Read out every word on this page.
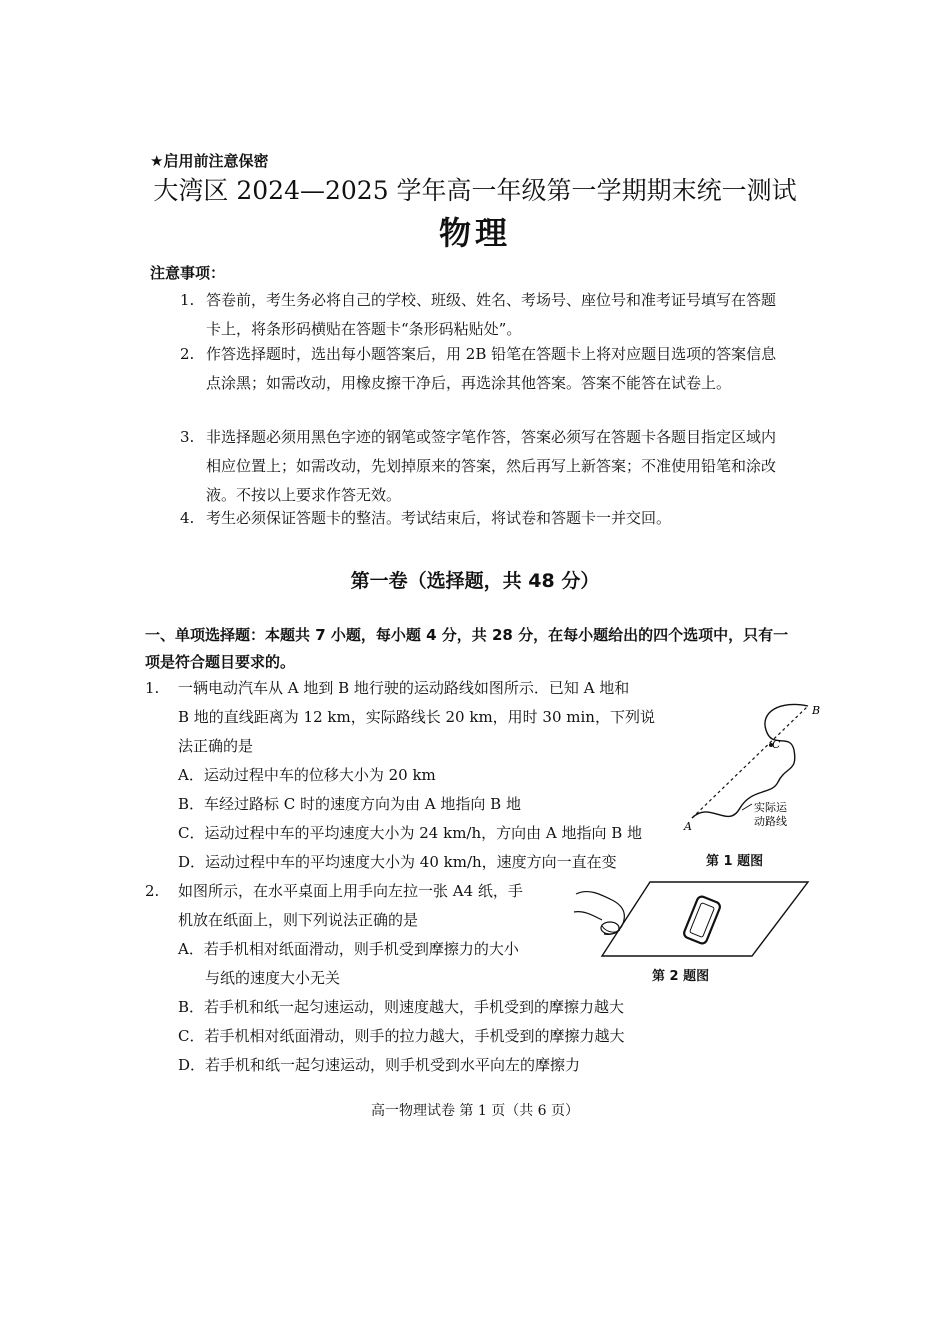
★启用前注意保密
大湾区 2024—2025 学年高一年级第一学期期末统一测试
物理
注意事项：
1. 答卷前，考生务必将自己的学校、班级、姓名、考场号、座位号和准考证号填写在答题卡上，将条形码横贴在答题卡“条形码粘贴处”。
2. 作答选择题时，选出每小题答案后，用 2B 铅笔在答题卡上将对应题目选项的答案信息点涂黑；如需改动，用橡皮擦干净后，再选涂其他答案。答案不能答在试卷上。
3. 非选择题必须用黑色字迹的钢笔或签字笔作答，答案必须写在答题卡各题目指定区域内相应位置上；如需改动，先划掉原来的答案，然后再写上新答案；不准使用铅笔和涂改液。不按以上要求作答无效。
4. 考生必须保证答题卡的整洁。考试结束后，将试卷和答题卡一并交回。
第一卷（选择题，共 48 分）
一、单项选择题：本题共 7 小题，每小题 4 分，共 28 分，在每小题给出的四个选项中，只有一项是符合题目要求的。
1. 一辆电动汽车从 A 地到 B 地行驶的运动路线如图所示．已知 A 地和
B 地的直线距离为 12 km，实际路线长 20 km，用时 30 min，下列说
法正确的是
A．运动过程中车的位移大小为 20 km
B．车经过路标 C 时的速度方向为由 A 地指向 B 地
C．运动过程中车的平均速度大小为 24 km/h，方向由 A 地指向 B 地
D．运动过程中车的平均速度大小为 40 km/h，速度方向一直在变
A
B
C
实际运
动路线
第 1 题图
2. 如图所示，在水平桌面上用手向左拉一张 A4 纸，手
机放在纸面上，则下列说法正确的是
A．若手机相对纸面滑动，则手机受到摩擦力的大小
与纸的速度大小无关
B．若手机和纸一起匀速运动，则速度越大，手机受到的摩擦力越大
C．若手机相对纸面滑动，则手的拉力越大，手机受到的摩擦力越大
D．若手机和纸一起匀速运动，则手机受到水平向左的摩擦力
第 2 题图
高一物理试卷 第 1 页（共 6 页）
